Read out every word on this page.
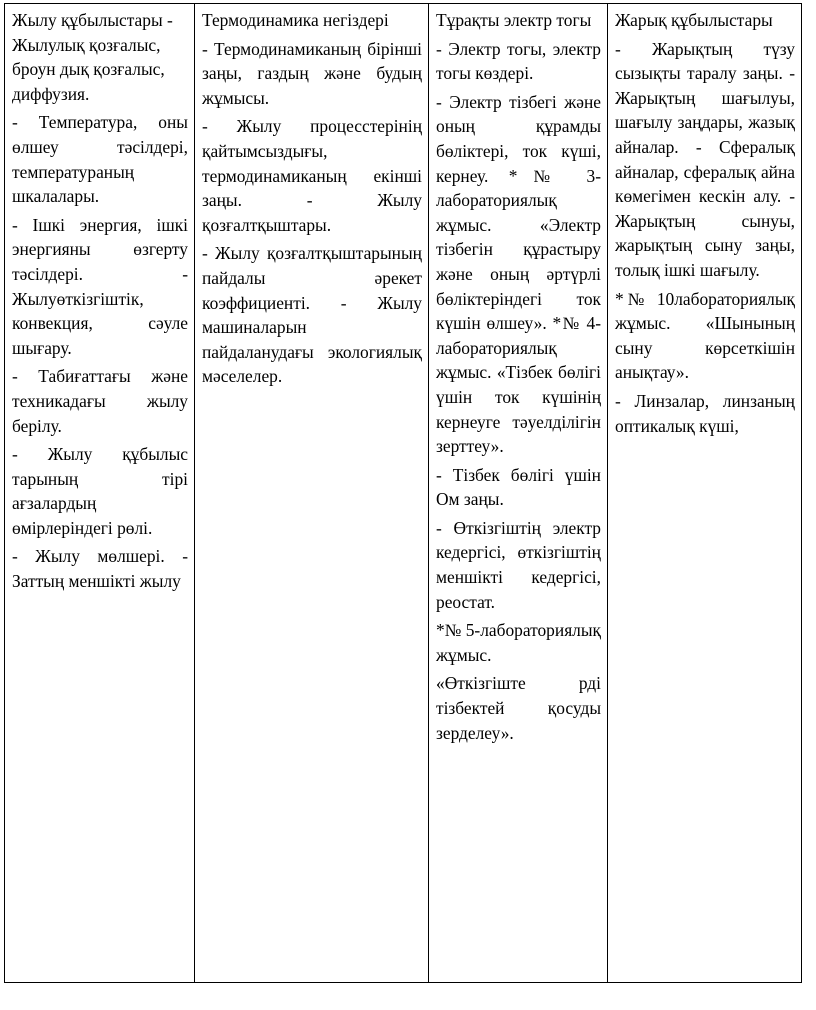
Жылу құбылыстары - Жылулық қозғалыс, броун дық қозғалыс, диффузия.
- Температура, оны өлшеу тәсілдері, температураның шкалалары.
- Ішкі энергия, ішкі энергияны өзгерту тәсілдері. - Жылуөткізгіштік, конвекция, сәуле шығару.
- Табиғаттағы және техникадағы жылу берілу.
- Жылу құбылыс тарының тірі ағзалардың өмірлеріндегі рөлі.
- Жылу мөлшері. - Заттың меншікті жылу

Термодинамика негіздері
- Термодинамиканың бірінші заңы, газдың және будың жұмысы.
- Жылу процесстерінің қайтымсыздығы, термодинамиканың екінші заңы. - Жылу қозғалтқыштары.
- Жылу қозғалтқыштарының пайдалы әрекет коэффициенті. - Жылу машиналарын пайдаланудағы экологиялық мәселелер.

Тұрақты электр тогы
- Электр тогы, электр тогы көздері.
- Электр тізбегі және оның құрамды бөліктері, ток күші, кернеу. *№ 3-лабораториялық жұмыс. «Электр тізбегін құрастыру және оның әртүрлі бөліктеріндегі ток күшін өлшеу». *№ 4-лабораториялық жұмыс. «Тізбек бөлігі үшін ток күшінің кернеуге тәуелділігін зерттеу».
- Тізбек бөлігі үшін Ом заңы.
- Өткізгіштің электр кедергісі, өткізгіштің меншікті кедергісі, реостат.
*№ 5-лабораториялық жұмыс.
«Өткізгіште рді тізбектей қосуды зерделеу».

Жарық құбылыстары
- Жарықтың түзу сызықты таралу заңы. - Жарықтың шағылуы, шағылу заңдары, жазық айналар. - Сфералық айналар, сфералық айна көмегімен кескін алу. - Жарықтың сынуы, жарықтың сыну заңы, толық ішкі шағылу.
*№ 10лабораториялық жұмыс. «Шынының сыну көрсеткішін анықтау».
- Линзалар, линзаның оптикалық күші,
